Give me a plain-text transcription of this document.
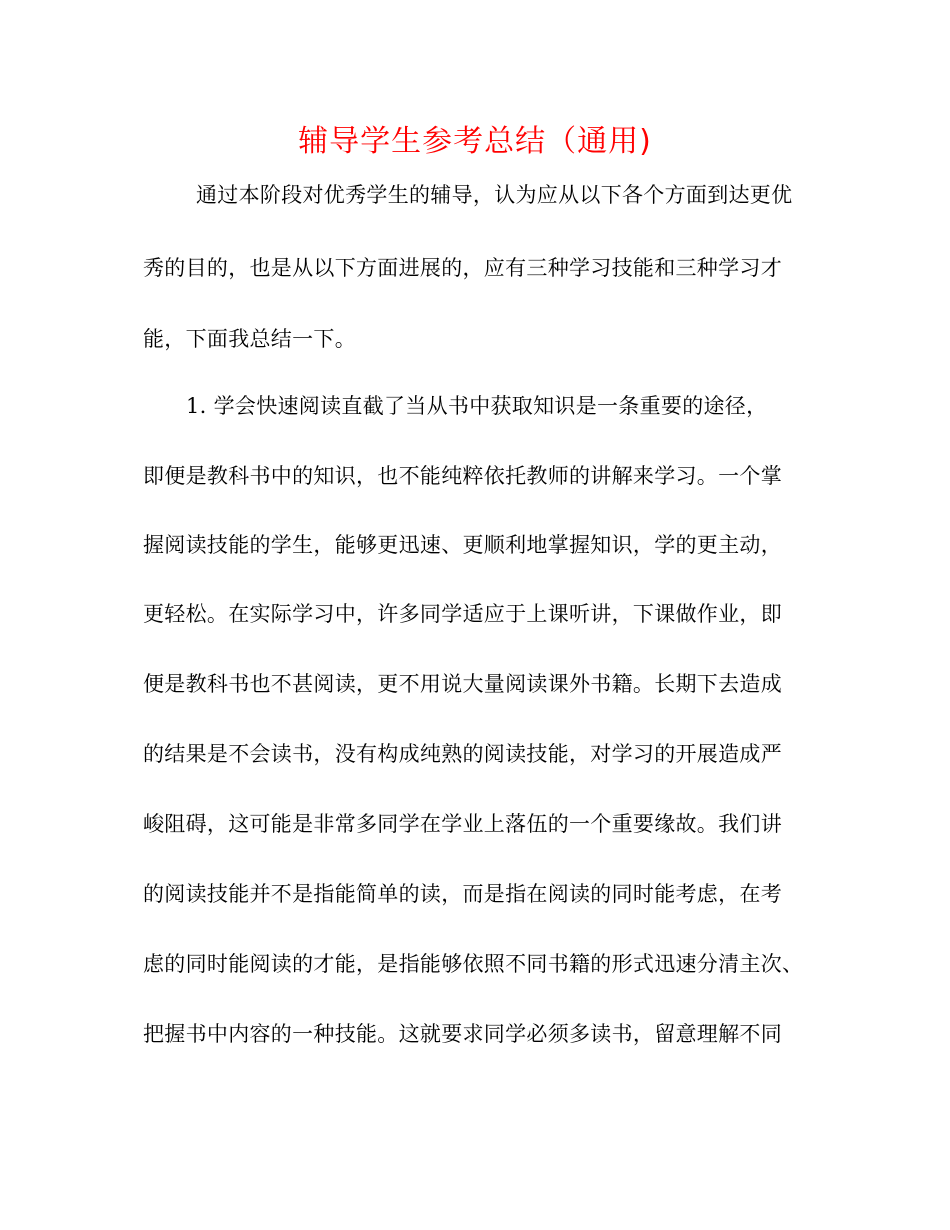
辅导学生参考总结（通用)
通过本阶段对优秀学生的辅导，认为应从以下各个方面到达更优
秀的目的，也是从以下方面进展的，应有三种学习技能和三种学习才
能，下面我总结一下。
1. 学会快速阅读直截了当从书中获取知识是一条重要的途径，
即便是教科书中的知识，也不能纯粹依托教师的讲解来学习。一个掌
握阅读技能的学生，能够更迅速、更顺利地掌握知识，学的更主动，
更轻松。在实际学习中，许多同学适应于上课听讲，下课做作业，即
便是教科书也不甚阅读，更不用说大量阅读课外书籍。长期下去造成
的结果是不会读书，没有构成纯熟的阅读技能，对学习的开展造成严
峻阻碍，这可能是非常多同学在学业上落伍的一个重要缘故。我们讲
的阅读技能并不是指能简单的读，而是指在阅读的同时能考虑，在考
虑的同时能阅读的才能，是指能够依照不同书籍的形式迅速分清主次、
把握书中内容的一种技能。这就要求同学必须多读书，留意理解不同
